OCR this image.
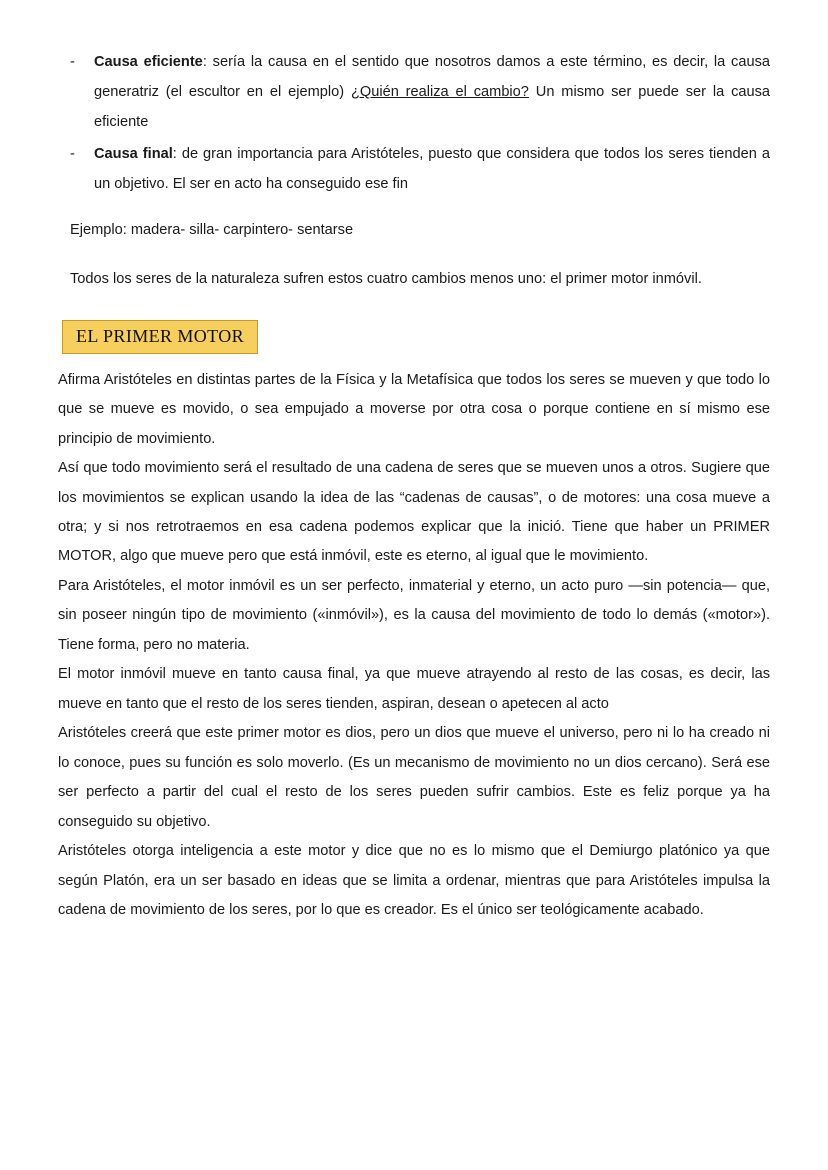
- Causa eficiente: sería la causa en el sentido que nosotros damos a este término, es decir, la causa generatriz (el escultor en el ejemplo) ¿Quién realiza el cambio? Un mismo ser puede ser la causa eficiente
- Causa final: de gran importancia para Aristóteles, puesto que considera que todos los seres tienden a un objetivo. El ser en acto ha conseguido ese fin

Ejemplo: madera- silla- carpintero- sentarse

Todos los seres de la naturaleza sufren estos cuatro cambios menos uno: el primer motor inmóvil.

EL PRIMER MOTOR

Afirma Aristóteles en distintas partes de la Física y la Metafísica que todos los seres se mueven y que todo lo que se mueve es movido, o sea empujado a moverse por otra cosa o porque contiene en sí mismo ese principio de movimiento.

Así que todo movimiento será el resultado de una cadena de seres que se mueven unos a otros. Sugiere que los movimientos se explican usando la idea de las “cadenas de causas”, o de motores: una cosa mueve a otra; y si nos retrotraemos en esa cadena podemos explicar que la inició. Tiene que haber un PRIMER MOTOR, algo que mueve pero que está inmóvil, este es eterno, al igual que le movimiento.

Para Aristóteles, el motor inmóvil es un ser perfecto, inmaterial y eterno, un acto puro —sin potencia— que, sin poseer ningún tipo de movimiento («inmóvil»), es la causa del movimiento de todo lo demás («motor»). Tiene forma, pero no materia.

El motor inmóvil mueve en tanto causa final, ya que mueve atrayendo al resto de las cosas, es decir, las mueve en tanto que el resto de los seres tienden, aspiran, desean o apetecen al acto

Aristóteles creerá que este primer motor es dios, pero un dios que mueve el universo, pero ni lo ha creado ni lo conoce, pues su función es solo moverlo. (Es un mecanismo de movimiento no un dios cercano). Será ese ser perfecto a partir del cual el resto de los seres pueden sufrir cambios. Este es feliz porque ya ha conseguido su objetivo.

Aristóteles otorga inteligencia a este motor y dice que no es lo mismo que el Demiurgo platónico ya que según Platón, era un ser basado en ideas que se limita a ordenar, mientras que para Aristóteles impulsa la cadena de movimiento de los seres, por lo que es creador. Es el único ser teológicamente acabado.
